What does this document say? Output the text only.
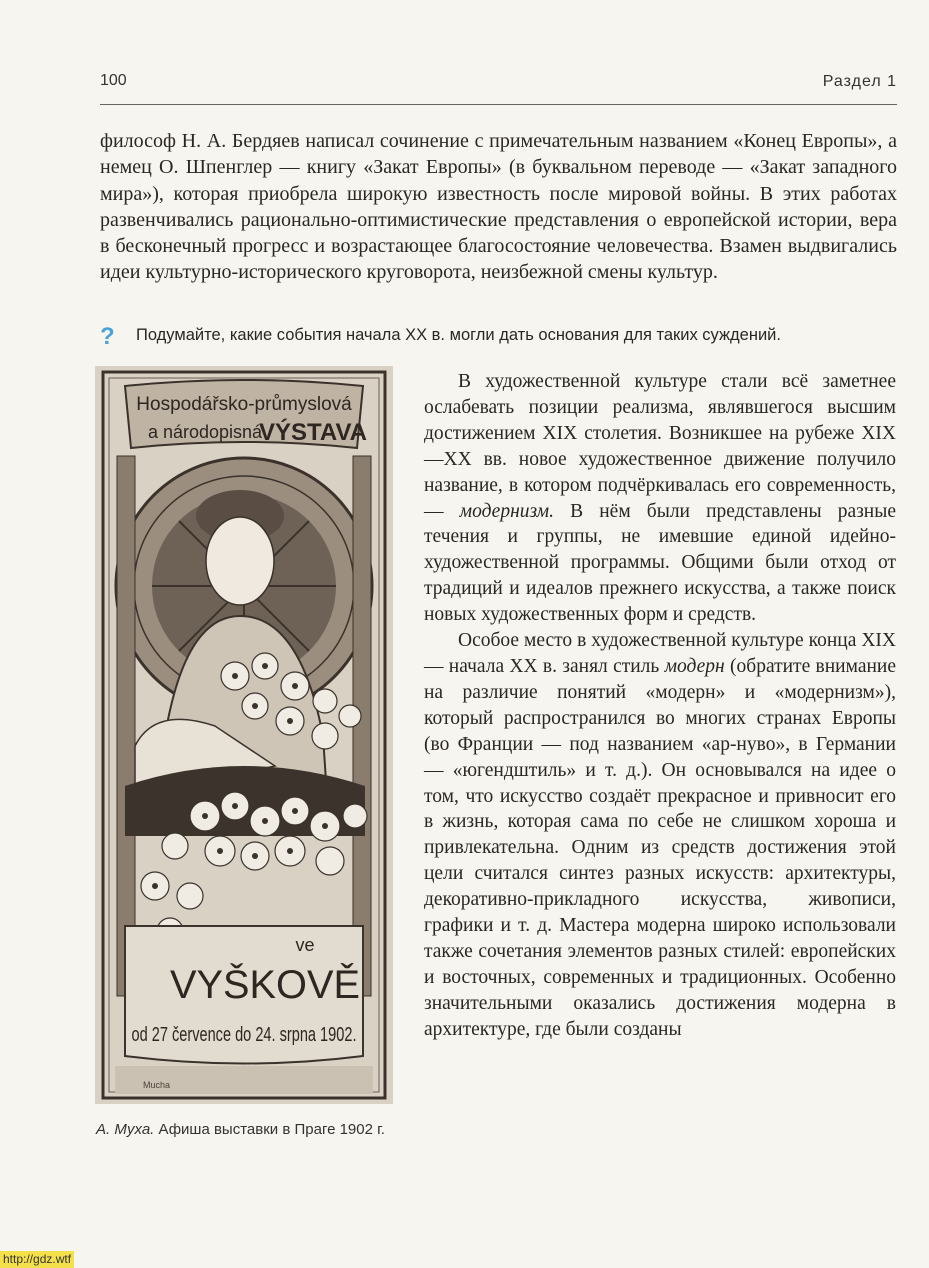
100	Раздел 1

философ Н. А. Бердяев написал сочинение с примечательным названием «Конец Европы», а немец О. Шпенглер — книгу «Закат Европы» (в буквальном переводе — «Закат западного мира»), которая приобрела широкую известность после мировой войны. В этих работах развенчивались рационально-оптимистические представления о европейской истории, вера в бесконечный прогресс и возрастающее благосостояние человечества. Взамен выдвигались идеи культурно-исторического круговорота, неизбежной смены культур.

? Подумайте, какие события начала XX в. могли дать основания для таких суждений.
Hospodářsko-průmyslová
a národopisná
VÝSTAVA
ve
VYŠKOVĚ
od 27 července do 24. srpna 1902.
Mucha
А. Муха. Афиша выставки в Праге 1902 г.

В художественной культуре стали всё заметнее ослабевать позиции реализма, являвшегося высшим достижением XIX столетия. Возникшее на рубеже XIX—XX вв. новое художественное движение получило название, в котором подчёркивалась его современность, — модернизм. В нём были представлены разные течения и группы, не имевшие единой идейно-художественной программы. Общими были отход от традиций и идеалов прежнего искусства, а также поиск новых художественных форм и средств.

Особое место в художественной культуре конца XIX — начала XX в. занял стиль модерн (обратите внимание на различие понятий «модерн» и «модернизм»), который распространился во многих странах Европы (во Франции — под названием «ар-нуво», в Германии — «югендштиль» и т. д.). Он основывался на идее о том, что искусство создаёт прекрасное и привносит его в жизнь, которая сама по себе не слишком хороша и привлекательна. Одним из средств достижения этой цели считался синтез разных искусств: архитектуры, декоративно-прикладного искусства, живописи, графики и т. д. Мастера модерна широко использовали также сочетания элементов разных стилей: европейских и восточных, современных и традиционных. Особенно значительными оказались достижения модерна в архитектуре, где были созданы

http://gdz.wtf
